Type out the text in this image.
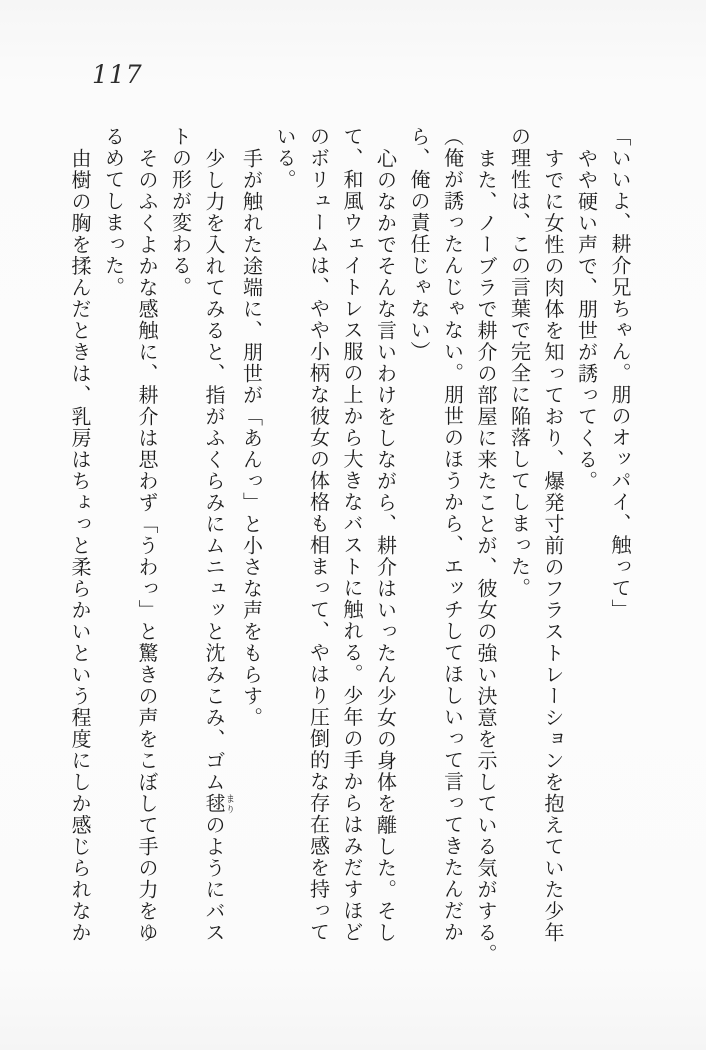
117
「いいよ、耕介兄ちゃん。朋のオッパイ、触って」
やや硬い声で、朋世が誘ってくる。
すでに女性の肉体を知っており、爆発寸前のフラストレーションを抱えていた少年
の理性は、この言葉で完全に陥落してしまった。
また、ノーブラで耕介の部屋に来たことが、彼女の強い決意を示している気がする。
（俺が誘ったんじゃない。朋世のほうから、エッチしてほしいって言ってきたんだか
ら、俺の責任じゃない）
心のなかでそんな言いわけをしながら、耕介はいったん少女の身体を離した。そし
て、和風ウェイトレス服の上から大きなバストに触れる。少年の手からはみだすほど
のボリュームは、やや小柄な彼女の体格も相まって、やはり圧倒的な存在感を持って
いる。
手が触れた途端に、朋世が「あんっ」と小さな声をもらす。
少し力を入れてみると、指がふくらみにムニュッと沈みこみ、ゴム毬まりのようにバス
トの形が変わる。
そのふくよかな感触に、耕介は思わず「うわっ」と驚きの声をこぼして手の力をゆ
るめてしまった。
由樹の胸を揉んだときは、乳房はちょっと柔らかいという程度にしか感じられなか
